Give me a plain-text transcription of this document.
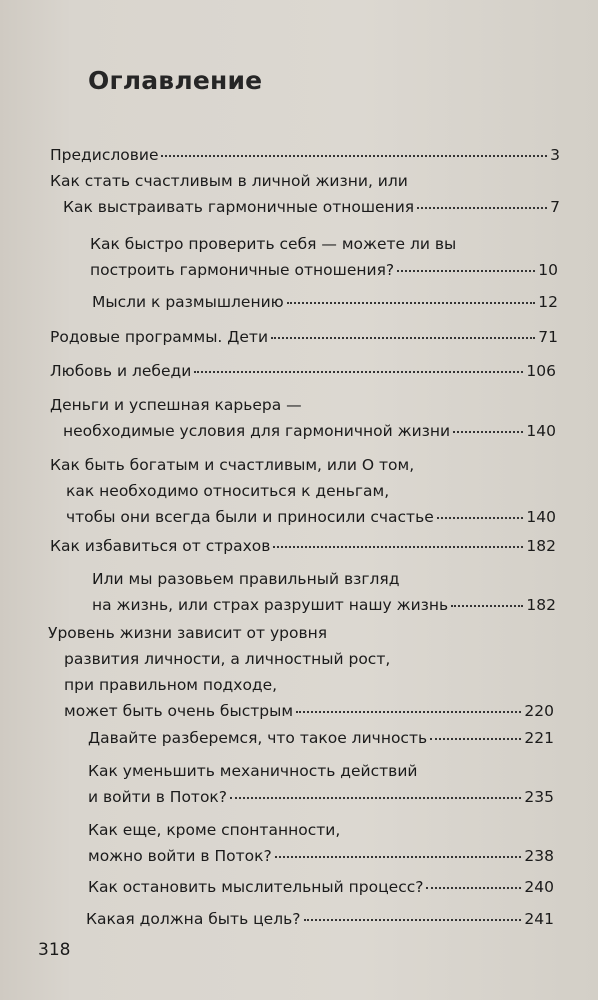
Оглавление
Предисловие	3
Как стать счастливым в личной жизни, или
Как выстраивать гармоничные отношения	7
Как быстро проверить себя — можете ли вы
построить гармоничные отношения?	10
Мысли к размышлению	12
Родовые программы. Дети	71
Любовь и лебеди	106
Деньги и успешная карьера —
необходимые условия для гармоничной жизни	140
Как быть богатым и счастливым, или О том,
как необходимо относиться к деньгам,
чтобы они всегда были и приносили счастье	140
Как избавиться от страхов	182
Или мы разовьем правильный взгляд
на жизнь, или страх разрушит нашу жизнь	182
Уровень жизни зависит от уровня
развития личности, а личностный рост,
при правильном подходе,
может быть очень быстрым	220
Давайте разберемся, что такое личность	221
Как уменьшить механичность действий
и войти в Поток?	235
Как еще, кроме спонтанности,
можно войти в Поток?	238
Как остановить мыслительный процесс?	240
Какая должна быть цель?	241
318
